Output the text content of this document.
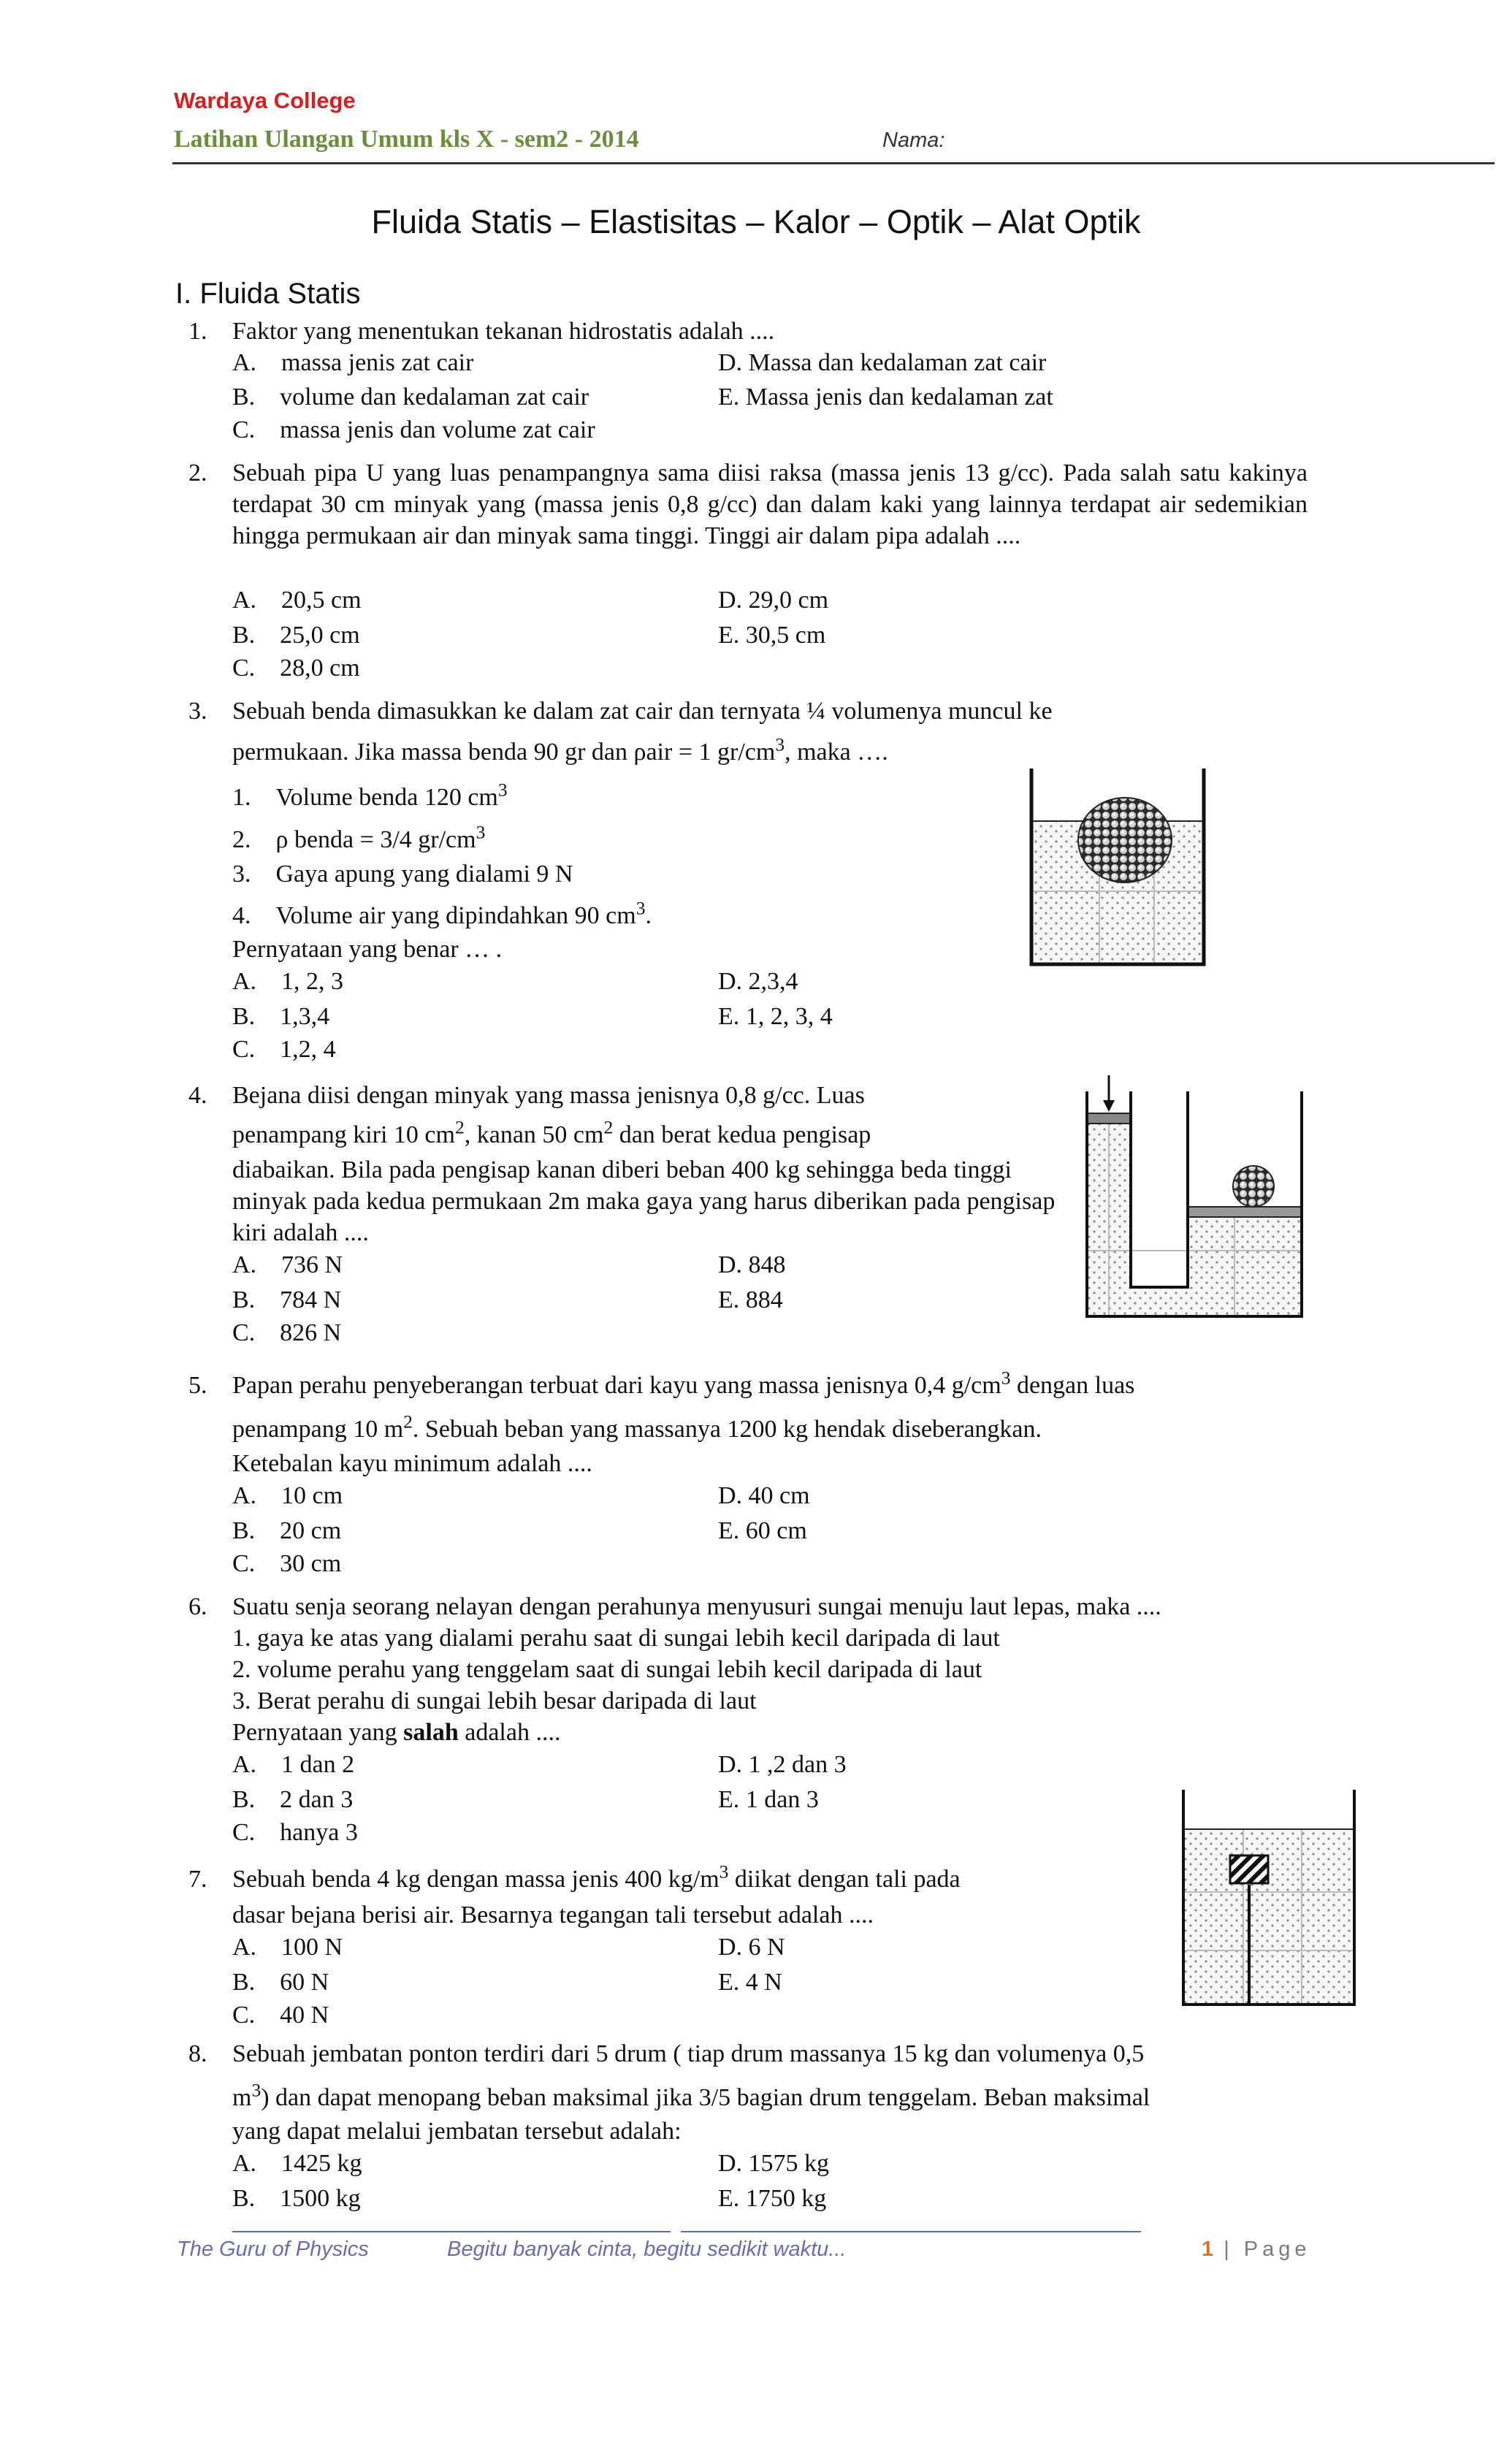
Wardaya College
Latihan Ulangan Umum kls X - sem2 - 2014	Nama:
Fluida Statis – Elastisitas – Kalor – Optik – Alat Optik
I. Fluida Statis
1. Faktor yang menentukan tekanan hidrostatis adalah ....
A. massa jenis zat cair	D. Massa dan kedalaman zat cair
B. volume dan kedalaman zat cair	E. Massa jenis dan kedalaman zat
C. massa jenis dan volume zat cair
2. Sebuah pipa U yang luas penampangnya sama diisi raksa (massa jenis 13 g/cc). Pada salah satu kakinya terdapat 30 cm minyak yang (massa jenis 0,8 g/cc) dan dalam kaki yang lainnya terdapat air sedemikian hingga permukaan air dan minyak sama tinggi. Tinggi air dalam pipa adalah ....
A. 20,5 cm	D. 29,0 cm
B. 25,0 cm	E. 30,5 cm
C. 28,0 cm
3. Sebuah benda dimasukkan ke dalam zat cair dan ternyata ¼ volumenya muncul ke
permukaan. Jika massa benda 90 gr dan ρair = 1 $gr/cm^3$, maka ….
1. Volume benda 120 $cm^3$
2. ρ benda = 3/4 $gr/cm^3$
3. Gaya apung yang dialami 9 N
4. Volume air yang dipindahkan 90 $cm^3$.
Pernyataan yang benar … .
A. 1, 2, 3	D. 2,3,4
B. 1,3,4	E. 1, 2, 3, 4
C. 1,2, 4
4. Bejana diisi dengan minyak yang massa jenisnya 0,8 g/cc. Luas
penampang kiri 10 $cm^2$, kanan 50 $cm^2$ dan berat kedua pengisap
diabaikan. Bila pada pengisap kanan diberi beban 400 kg sehingga beda tinggi minyak pada kedua permukaan 2m maka gaya yang harus diberikan pada pengisap kiri adalah ....
A. 736 N	D. 848
B. 784 N	E. 884
C. 826 N
5. Papan perahu penyeberangan terbuat dari kayu yang massa jenisnya 0,4 $g/cm^3$ dengan luas
penampang 10 $m^2$. Sebuah beban yang massanya 1200 kg hendak diseberangkan.
Ketebalan kayu minimum adalah ....
A. 10 cm	D. 40 cm
B. 20 cm	E. 60 cm
C. 30 cm
6. Suatu senja seorang nelayan dengan perahunya menyusuri sungai menuju laut lepas, maka ....
1. gaya ke atas yang dialami perahu saat di sungai lebih kecil daripada di laut
2. volume perahu yang tenggelam saat di sungai lebih kecil daripada di laut
3. Berat perahu di sungai lebih besar daripada di laut
Pernyataan yang salah adalah ....
A. 1 dan 2	D. 1 ,2 dan 3
B. 2 dan 3	E. 1 dan 3
C. hanya 3
7. Sebuah benda 4 kg dengan massa jenis 400 $kg/m^3$ diikat dengan tali pada
dasar bejana berisi air. Besarnya tegangan tali tersebut adalah ....
A. 100 N	D. 6 N
B. 60 N	E. 4 N
C. 40 N
8. Sebuah jembatan ponton terdiri dari 5 drum ( tiap drum massanya 15 kg dan volumenya 0,5
$m^3$) dan dapat menopang beban maksimal jika 3/5 bagian drum tenggelam. Beban maksimal
yang dapat melalui jembatan tersebut adalah:
A. 1425 kg	D. 1575 kg
B. 1500 kg	E. 1750 kg
The Guru of Physics	Begitu banyak cinta, begitu sedikit waktu...	1 | Page
